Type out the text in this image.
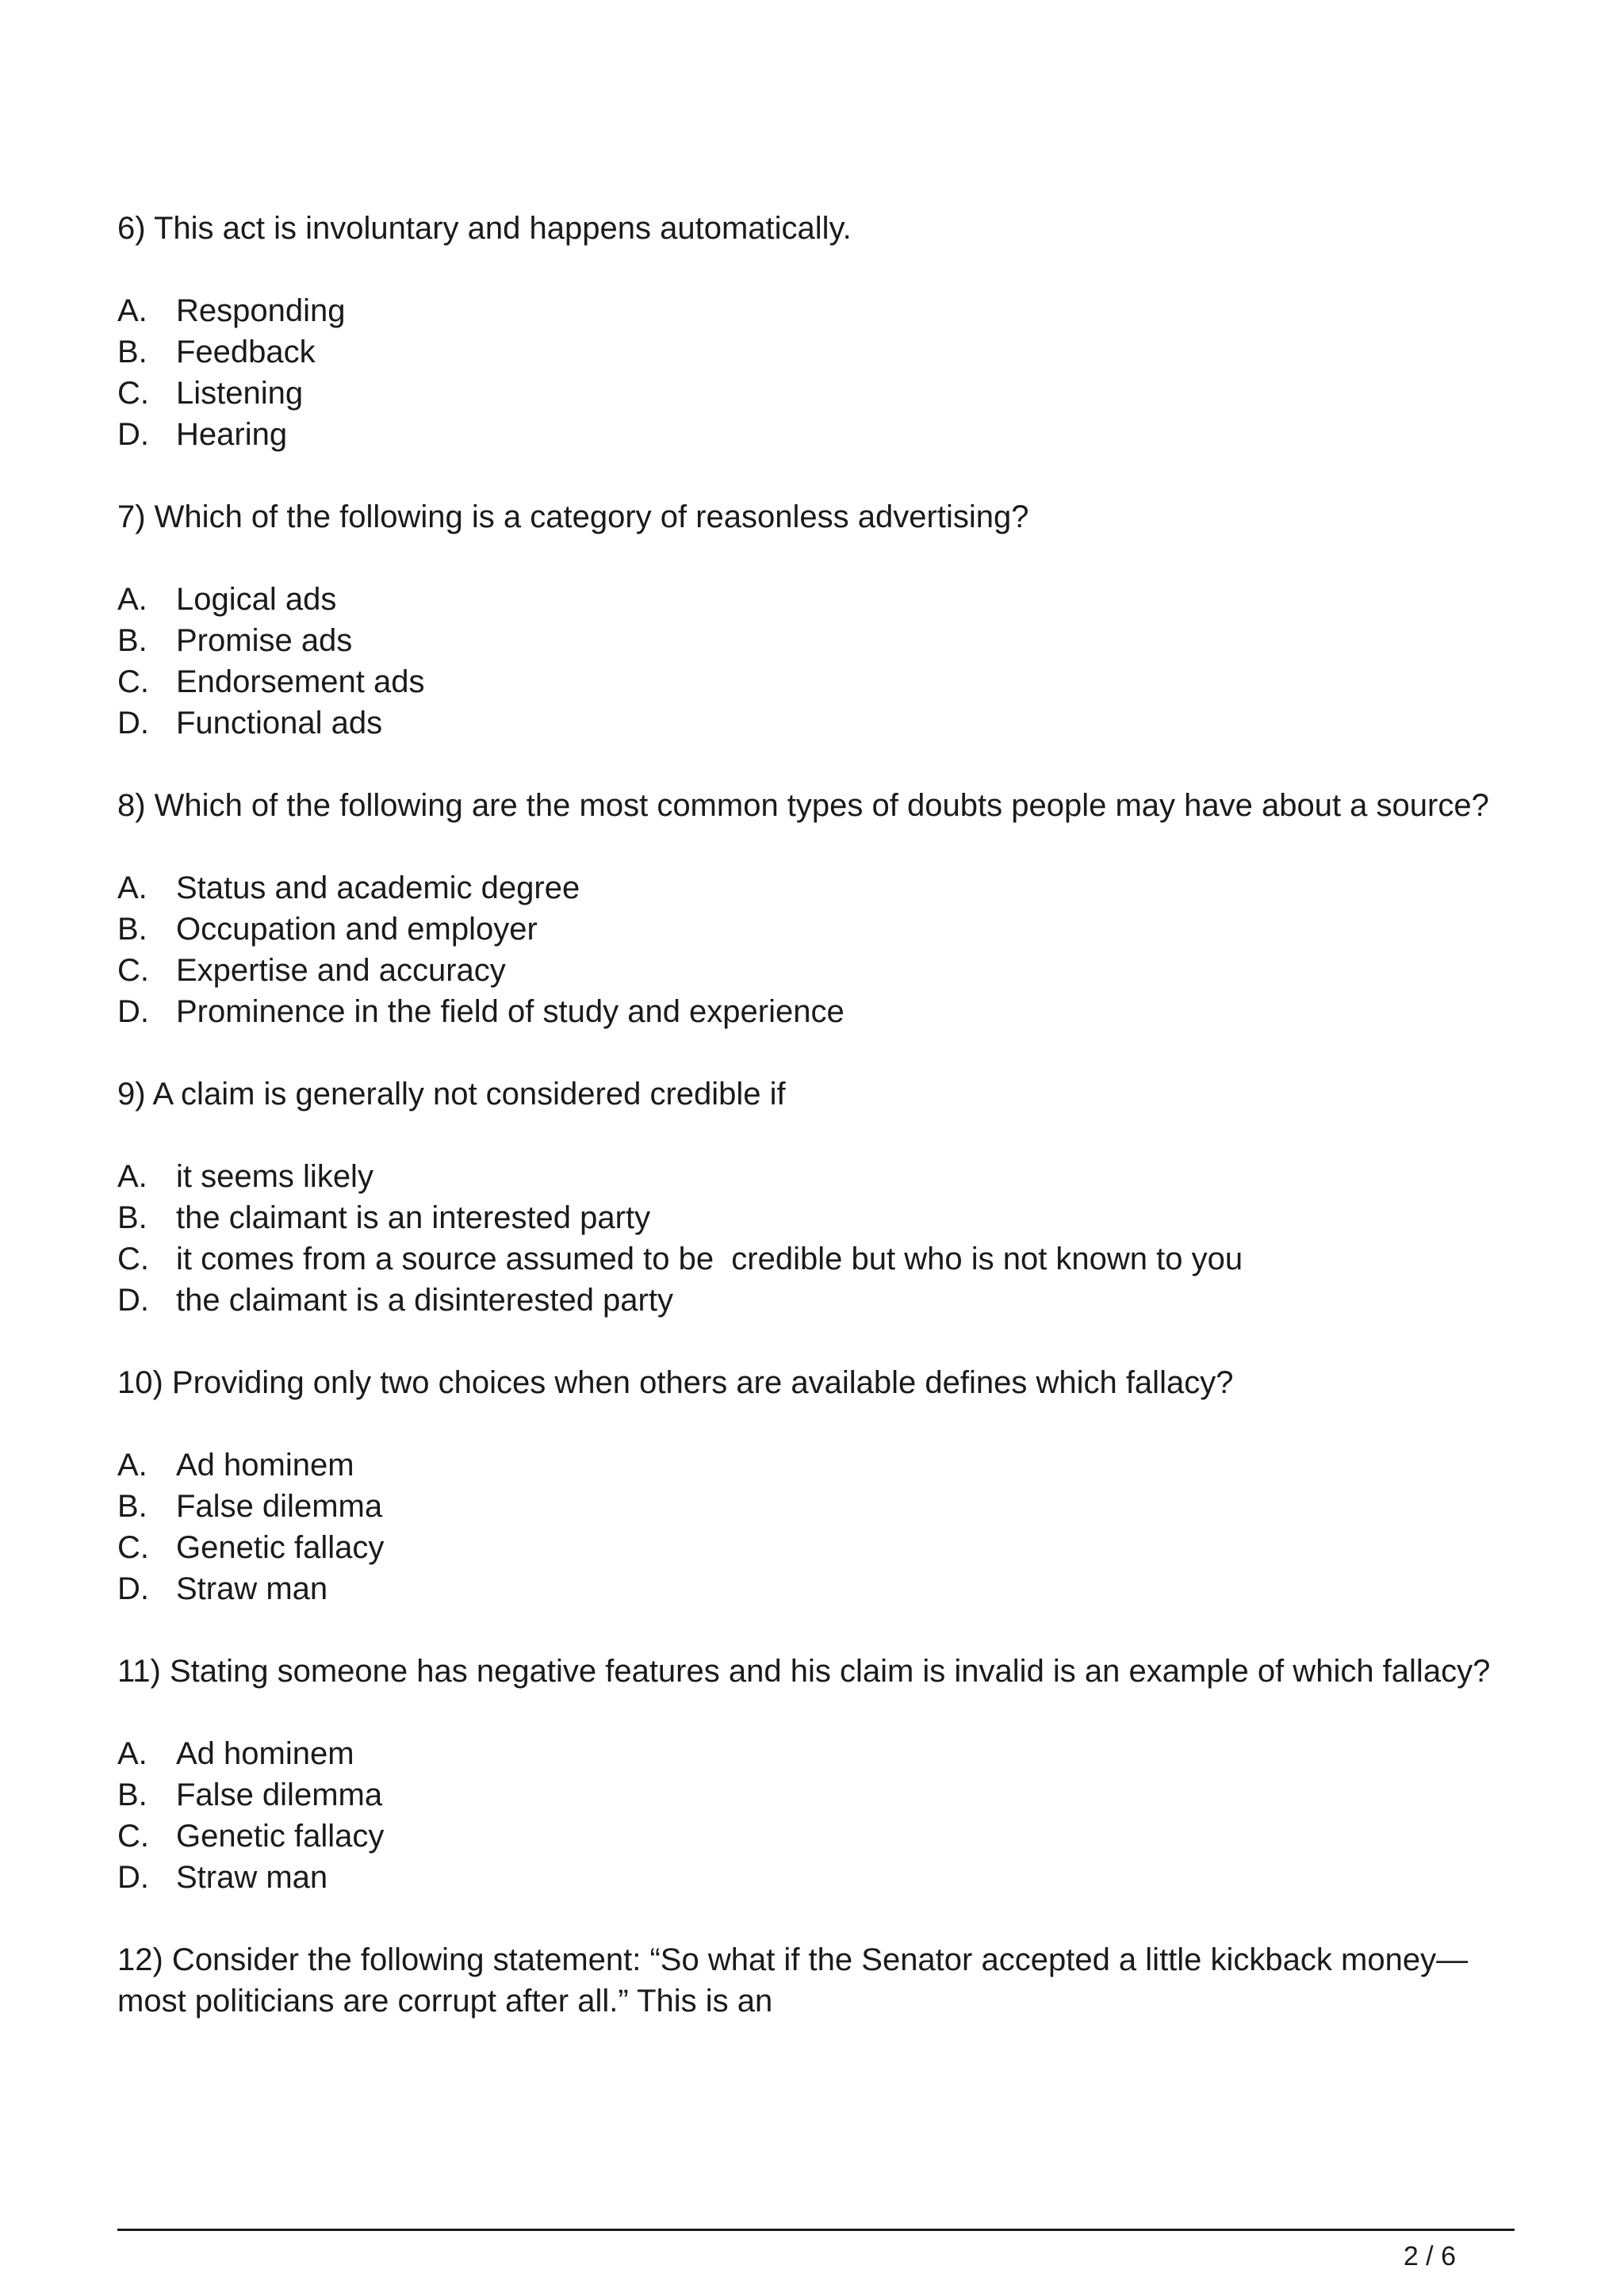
6) This act is involuntary and happens automatically.

A. Responding
B. Feedback
C. Listening
D. Hearing

7) Which of the following is a category of reasonless advertising?

A. Logical ads
B. Promise ads
C. Endorsement ads
D. Functional ads

8) Which of the following are the most common types of doubts people may have about a source?

A. Status and academic degree
B. Occupation and employer
C. Expertise and accuracy
D. Prominence in the field of study and experience

9) A claim is generally not considered credible if

A. it seems likely
B. the claimant is an interested party
C. it comes from a source assumed to be  credible but who is not known to you
D. the claimant is a disinterested party

10) Providing only two choices when others are available defines which fallacy?

A. Ad hominem
B. False dilemma
C. Genetic fallacy
D. Straw man

11) Stating someone has negative features and his claim is invalid is an example of which fallacy?

A. Ad hominem
B. False dilemma
C. Genetic fallacy
D. Straw man

12) Consider the following statement: “So what if the Senator accepted a little kickback money—most politicians are corrupt after all.” This is an

2 / 6
